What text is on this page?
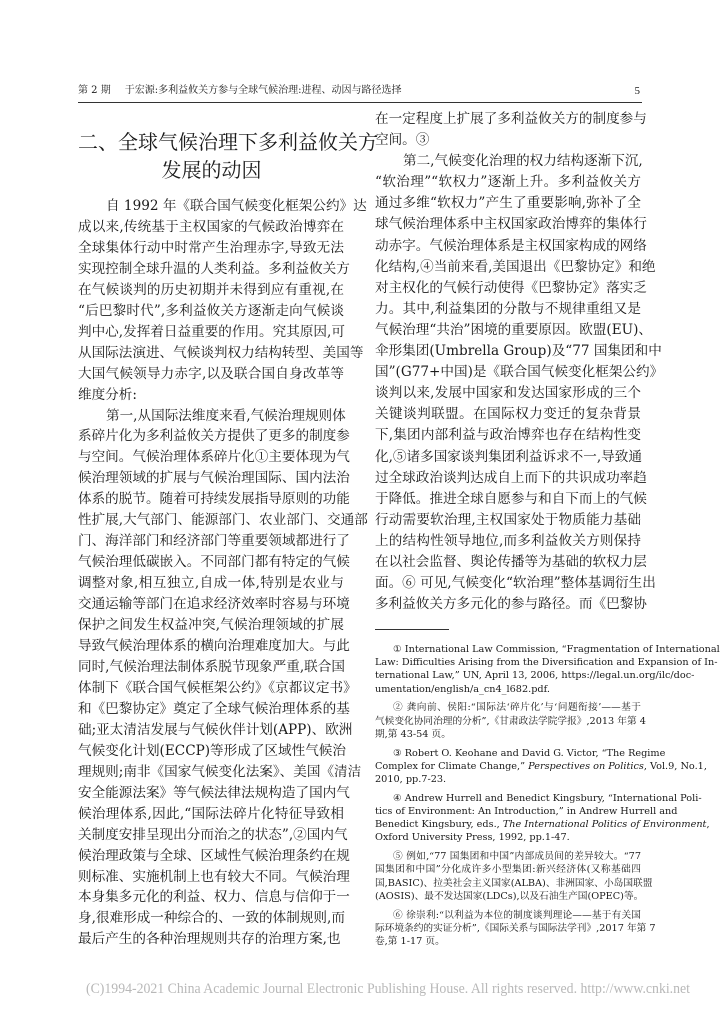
第 2 期 于宏源:多利益攸关方参与全球气候治理:进程、动因与路径选择	5
二、全球气候治理下多利益攸关方
发展的动因
自 1992 年《联合国气候变化框架公约》达
成以来,传统基于主权国家的气候政治博弈在
全球集体行动中时常产生治理赤字,导致无法
实现控制全球升温的人类利益。多利益攸关方
在气候谈判的历史初期并未得到应有重视,在
“后巴黎时代”,多利益攸关方逐渐走向气候谈
判中心,发挥着日益重要的作用。究其原因,可
从国际法演进、气候谈判权力结构转型、美国等
大国气候领导力赤字,以及联合国自身改革等
维度分析:
第一,从国际法维度来看,气候治理规则体
系碎片化为多利益攸关方提供了更多的制度参
与空间。气候治理体系碎片化①主要体现为气
候治理领域的扩展与气候治理国际、国内法治
体系的脱节。随着可持续发展指导原则的功能
性扩展,大气部门、能源部门、农业部门、交通部
门、海洋部门和经济部门等重要领域都进行了
气候治理低碳嵌入。不同部门都有特定的气候
调整对象,相互独立,自成一体,特别是农业与
交通运输等部门在追求经济效率时容易与环境
保护之间发生权益冲突,气候治理领域的扩展
导致气候治理体系的横向治理难度加大。与此
同时,气候治理法制体系脱节现象严重,联合国
体制下《联合国气候框架公约》《京都议定书》
和《巴黎协定》奠定了全球气候治理体系的基
础;亚太清洁发展与气候伙伴计划(APP)、欧洲
气候变化计划(ECCP)等形成了区域性气候治
理规则;南非《国家气候变化法案》、美国《清洁
安全能源法案》等气候法律法规构造了国内气
候治理体系,因此,“国际法碎片化特征导致相
关制度安排呈现出分而治之的状态”,②国内气
候治理政策与全球、区域性气候治理条约在规
则标准、实施机制上也有较大不同。气候治理
本身集多元化的利益、权力、信息与信仰于一
身,很难形成一种综合的、一致的体制规则,而
最后产生的各种治理规则共存的治理方案,也
在一定程度上扩展了多利益攸关方的制度参与
空间。③
第二,气候变化治理的权力结构逐渐下沉,
“软治理”“软权力”逐渐上升。多利益攸关方
通过多维“软权力”产生了重要影响,弥补了全
球气候治理体系中主权国家政治博弈的集体行
动赤字。气候治理体系是主权国家构成的网络
化结构,④当前来看,美国退出《巴黎协定》和绝
对主权化的气候行动使得《巴黎协定》落实乏
力。其中,利益集团的分散与不规律重组又是
气候治理“共治”困境的重要原因。欧盟(EU)、
伞形集团(Umbrella Group)及“77 国集团和中
国”(G77+中国)是《联合国气候变化框架公约》
谈判以来,发展中国家和发达国家形成的三个
关键谈判联盟。在国际权力变迁的复杂背景
下,集团内部利益与政治博弈也存在结构性变
化,⑤诸多国家谈判集团利益诉求不一,导致通
过全球政治谈判达成自上而下的共识成功率趋
于降低。推进全球自愿参与和自下而上的气候
行动需要软治理,主权国家处于物质能力基础
上的结构性领导地位,而多利益攸关方则保持
在以社会监督、舆论传播等为基础的软权力层
面。⑥ 可见,气候变化“软治理”整体基调衍生出
多利益攸关方多元化的参与路径。而《巴黎协
① International Law Commission, “Fragmentation of International
Law: Difficulties Arising from the Diversification and Expansion of In-
ternational Law,” UN, April 13, 2006, https://legal.un.org/ilc/doc-
umentation/english/a_cn4_l682.pdf.
② 龚向前、侯阳:“国际法‘碎片化’与‘问题衔接’——基于
气候变化协同治理的分析”,《甘肃政法学院学报》,2013 年第 4
期,第 43-54 页。
③ Robert O. Keohane and David G. Victor, “The Regime
Complex for Climate Change,” Perspectives on Politics, Vol.9, No.1,
2010, pp.7-23.
④ Andrew Hurrell and Benedict Kingsbury, “International Poli-
tics of Environment: An Introduction,” in Andrew Hurrell and
Benedict Kingsbury, eds., The International Politics of Environment,
Oxford University Press, 1992, pp.1-47.
⑤ 例如,“77 国集团和中国”内部成员间的差异较大。“77
国集团和中国”分化成许多小型集团:新兴经济体(又称基础四
国,BASIC)、拉美社会主义国家(ALBA)、非洲国家、小岛国联盟
(AOSIS)、最不发达国家(LDCs),以及石油生产国(OPEC)等。
⑥ 徐崇利:“以利益为本位的制度谈判理论——基于有关国
际环境条约的实证分析”,《国际关系与国际法学刊》,2017 年第 7
卷,第 1-17 页。
(C)1994-2021 China Academic Journal Electronic Publishing House. All rights reserved. http://www.cnki.net
